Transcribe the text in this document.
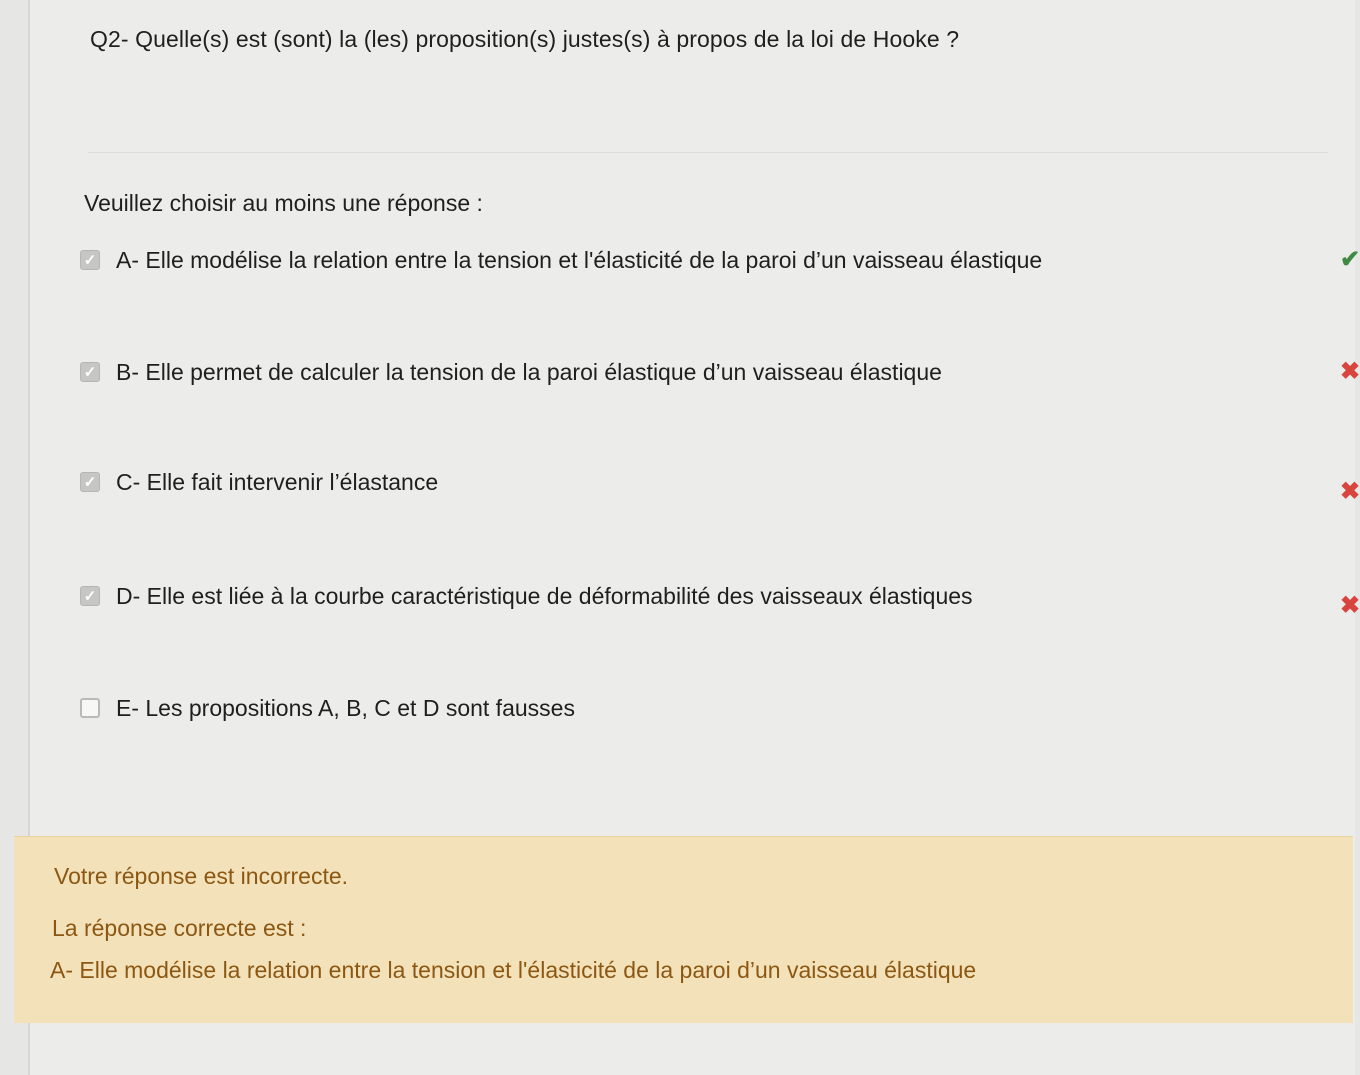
Q2- Quelle(s) est (sont) la (les) proposition(s) justes(s) à propos de la loi de Hooke ?
Veuillez choisir au moins une réponse :
✓ A- Elle modélise la relation entre la tension et l'élasticité de la paroi d’un vaisseau élastique	✔
✓ B- Elle permet de calculer la tension de la paroi élastique d’un vaisseau élastique	✖
✓ C- Elle fait intervenir l’élastance	✖
✓ D- Elle est liée à la courbe caractéristique de déformabilité des vaisseaux élastiques	✖
E- Les propositions A, B, C et D sont fausses
Votre réponse est incorrecte.
La réponse correcte est :
A- Elle modélise la relation entre la tension et l'élasticité de la paroi d’un vaisseau élastique
